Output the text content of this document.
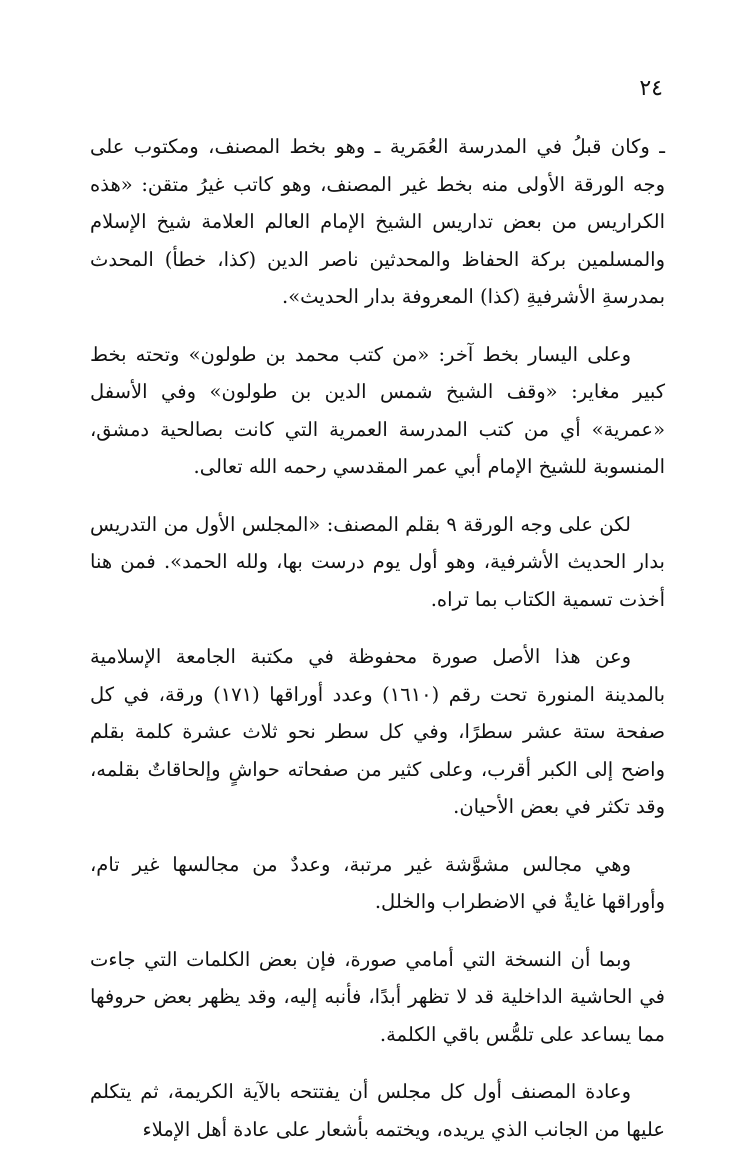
٢٤

ـ وكان قبلُ في المدرسة العُمَرية ـ وهو بخط المصنف، ومكتوب على وجه الورقة الأولى منه بخط غير المصنف، وهو كاتب غيرُ متقن: «هذه الكراريس من بعض تداريس الشيخ الإمام العالم العلامة شيخ الإسلام والمسلمين بركة الحفاظ والمحدثين ناصر الدين (كذا، خطأ) المحدث بمدرسةِ الأشرفيةِ (كذا) المعروفة بدار الحديث».

وعلى اليسار بخط آخر: «من كتب محمد بن طولون» وتحته بخط كبير مغاير: «وقف الشيخ شمس الدين بن طولون» وفي الأسفل «عمرية» أي من كتب المدرسة العمرية التي كانت بصالحية دمشق، المنسوبة للشيخ الإمام أبي عمر المقدسي رحمه الله تعالى.

لكن على وجه الورقة ٩ بقلم المصنف: «المجلس الأول من التدريس بدار الحديث الأشرفية، وهو أول يوم درست بها، ولله الحمد». فمن هنا أخذت تسمية الكتاب بما تراه.

وعن هذا الأصل صورة محفوظة في مكتبة الجامعة الإسلامية بالمدينة المنورة تحت رقم (١٦١٠) وعدد أوراقها (١٧١) ورقة، في كل صفحة ستة عشر سطرًا، وفي كل سطر نحو ثلاث عشرة كلمة بقلم واضح إلى الكبر أقرب، وعلى كثير من صفحاته حواشٍ وإلحاقاتٌ بقلمه، وقد تكثر في بعض الأحيان.

وهي مجالس مشوَّشة غير مرتبة، وعددٌ من مجالسها غير تام، وأوراقها غايةٌ في الاضطراب والخلل.

وبما أن النسخة التي أمامي صورة، فإن بعض الكلمات التي جاءت في الحاشية الداخلية قد لا تظهر أبدًا، فأنبه إليه، وقد يظهر بعض حروفها مما يساعد على تلمُّس باقي الكلمة.

وعادة المصنف أول كل مجلس أن يفتتحه بالآية الكريمة، ثم يتكلم عليها من الجانب الذي يريده، ويختمه بأشعار على عادة أهل الإملاء
